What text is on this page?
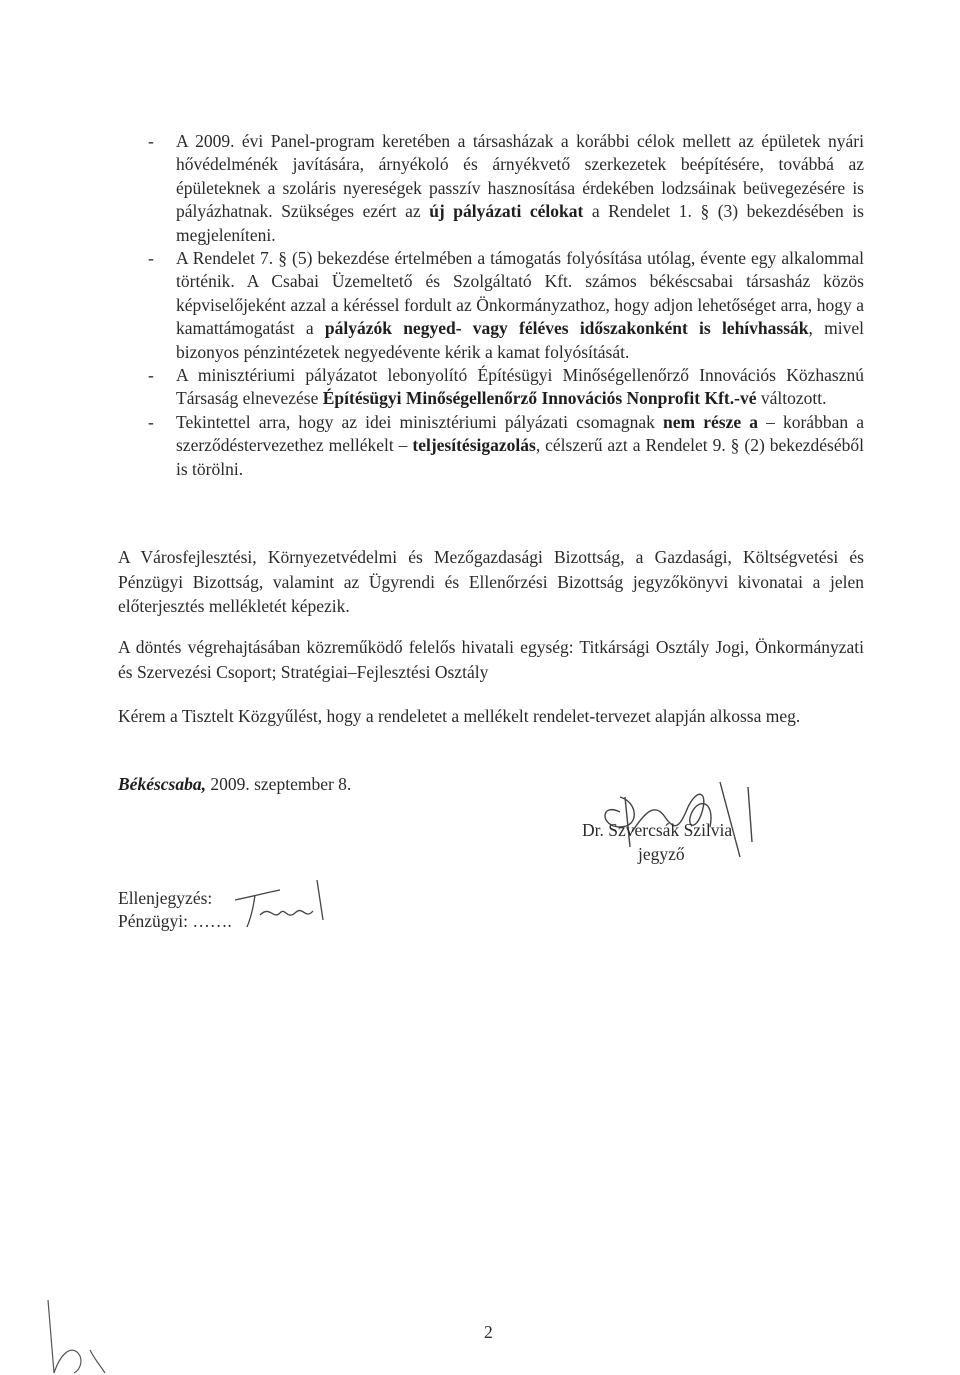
- A 2009. évi Panel-program keretében a társasházak a korábbi célok mellett az épületek nyári hővédelménék javítására, árnyékoló és árnyékvető szerkezetek beépítésére, továbbá az épületeknek a szoláris nyereségek passzív hasznosítása érdekében lodzsáinak beüvegezésére is pályázhatnak. Szükséges ezért az új pályázati célokat a Rendelet 1. § (3) bekezdésében is megjeleníteni.

- A Rendelet 7. § (5) bekezdése értelmében a támogatás folyósítása utólag, évente egy alkalommal történik. A Csabai Üzemeltető és Szolgáltató Kft. számos békéscsabai társasház közös képviselőjeként azzal a kéréssel fordult az Önkormányzathoz, hogy adjon lehetőséget arra, hogy a kamattámogatást a pályázók negyed- vagy féléves időszakonként is lehívhassák, mivel bizonyos pénzintézetek negyedévente kérik a kamat folyósítását.

- A minisztériumi pályázatot lebonyolító Építésügyi Minőségellenőrző Innovációs Közhasznú Társaság elnevezése Építésügyi Minőségellenőrző Innovációs Nonprofit Kft.-vé változott.

- Tekintettel arra, hogy az idei minisztériumi pályázati csomagnak nem része a – korábban a szerződéstervezethez mellékelt – teljesítésigazolás, célszerű azt a Rendelet 9. § (2) bekezdéséből is törölni.

A Városfejlesztési, Környezetvédelmi és Mezőgazdasági Bizottság, a Gazdasági, Költségvetési és Pénzügyi Bizottság, valamint az Ügyrendi és Ellenőrzési Bizottság jegyzőkönyvi kivonatai a jelen előterjesztés mellékletét képezik.

A döntés végrehajtásában közreműködő felelős hivatali egység: Titkársági Osztály Jogi, Önkormányzati és Szervezési Csoport; Stratégiai–Fejlesztési Osztály

Kérem a Tisztelt Közgyűlést, hogy a rendeletet a mellékelt rendelet-tervezet alapján alkossa meg.

Békéscsaba, 2009. szeptember 8.
Dr. Szvercsák Szilvia
jegyző
Ellenjegyzés:
Pénzügyi: …….
2
